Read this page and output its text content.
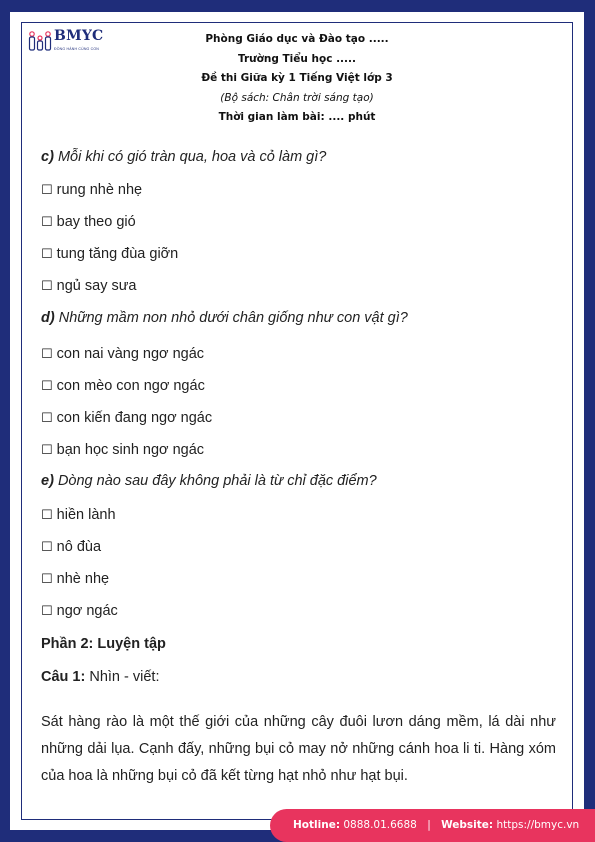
BMYC
ĐỒNG HÀNH CÙNG CON
Phòng Giáo dục và Đào tạo .....
Trường Tiểu học .....
Đề thi Giữa kỳ 1 Tiếng Việt lớp 3
(Bộ sách: Chân trời sáng tạo)
Thời gian làm bài: .... phút
c) Mỗi khi có gió tràn qua, hoa và cỏ làm gì?
☐ rung nhè nhẹ
☐ bay theo gió
☐ tung tăng đùa giỡn
☐ ngủ say sưa
d) Những mầm non nhỏ dưới chân giống như con vật gì?
☐ con nai vàng ngơ ngác
☐ con mèo con ngơ ngác
☐ con kiến đang ngơ ngác
☐ bạn học sinh ngơ ngác
e) Dòng nào sau đây không phải là từ chỉ đặc điểm?
☐ hiền lành
☐ nô đùa
☐ nhè nhẹ
☐ ngơ ngác
Phần 2: Luyện tập
Câu 1: Nhìn - viết:
Sát hàng rào là một thế giới của những cây đuôi lươn dáng mềm, lá dài như những dải lụa. Cạnh đấy, những bụi cỏ may nở những cánh hoa li ti. Hàng xóm của hoa là những bụi cỏ đã kết từng hạt nhỏ như hạt bụi.
Hotline: 0888.01.6688 | Website: https://bmyc.vn
